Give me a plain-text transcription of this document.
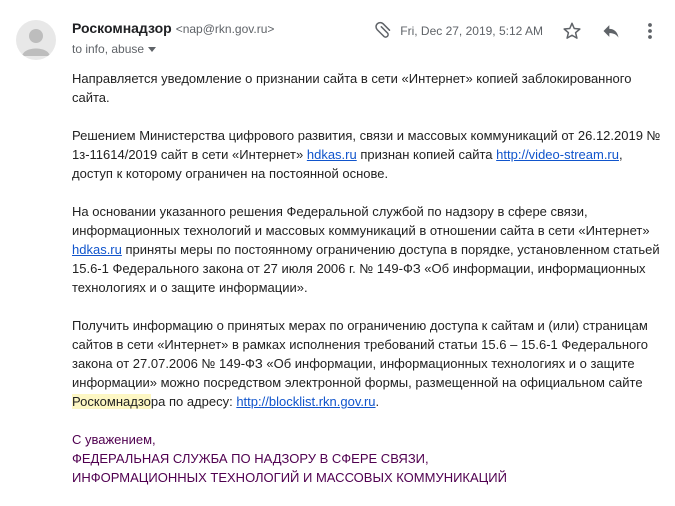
Роскомнадзор <nap@rkn.gov.ru>
to info, abuse
Fri, Dec 27, 2019, 5:12 AM

Направляется уведомление о признании сайта в сети «Интернет» копией заблокированного сайта.

Решением Министерства цифрового развития, связи и массовых коммуникаций от 26.12.2019 № 1з-11614/2019 сайт в сети «Интернет» hdkas.ru признан копией сайта http://video-stream.ru, доступ к которому ограничен на постоянной основе.

На основании указанного решения Федеральной службой по надзору в сфере связи, информационных технологий и массовых коммуникаций в отношении сайта в сети «Интернет» hdkas.ru приняты меры по постоянному ограничению доступа в порядке, установленном статьей 15.6-1 Федерального закона от 27 июля 2006 г. № 149-ФЗ «Об информации, информационных технологиях и о защите информации».

Получить информацию о принятых мерах по ограничению доступа к сайтам и (или) страницам сайтов в сети «Интернет» в рамках исполнения требований статьи 15.6 – 15.6-1 Федерального закона от 27.07.2006 № 149-ФЗ «Об информации, информационных технологиях и о защите информации» можно посредством электронной формы, размещенной на официальном сайте Роскомнадзора по адресу: http://blocklist.rkn.gov.ru.

С уважением,
ФЕДЕРАЛЬНАЯ СЛУЖБА ПО НАДЗОРУ В СФЕРЕ СВЯЗИ,
ИНФОРМАЦИОННЫХ ТЕХНОЛОГИЙ И МАССОВЫХ КОММУНИКАЦИЙ
